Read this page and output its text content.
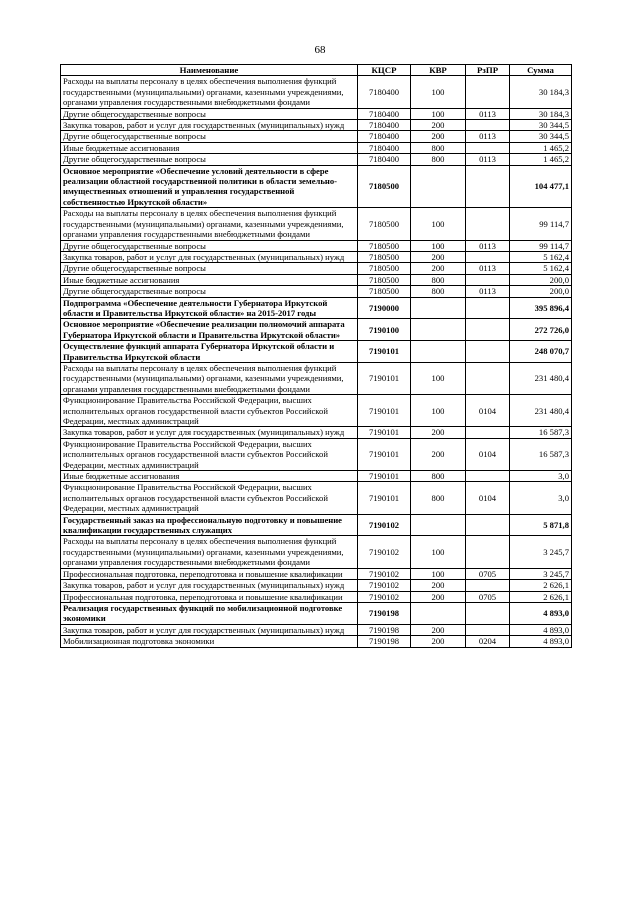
68
Наименование	КЦСР	КВР	РзПР	Сумма
Расходы на выплаты персоналу в целях обеспечения выполнения функций государственными (муниципальными) органами, казенными учреждениями, органами управления государственными внебюджетными фондами	7180400	100		30 184,3
Другие общегосударственные вопросы	7180400	100	0113	30 184,3
Закупка товаров, работ и услуг для государственных (муниципальных) нужд	7180400	200		30 344,5
Другие общегосударственные вопросы	7180400	200	0113	30 344,5
Иные бюджетные ассигнования	7180400	800		1 465,2
Другие общегосударственные вопросы	7180400	800	0113	1 465,2
Основное мероприятие «Обеспечение условий деятельности в сфере реализации областной государственной политики в области земельно-имущественных отношений и управления государственной собственностью Иркутской области»	7180500			104 477,1
Расходы на выплаты персоналу в целях обеспечения выполнения функций государственными (муниципальными) органами, казенными учреждениями, органами управления государственными внебюджетными фондами	7180500	100		99 114,7
Другие общегосударственные вопросы	7180500	100	0113	99 114,7
Закупка товаров, работ и услуг для государственных (муниципальных) нужд	7180500	200		5 162,4
Другие общегосударственные вопросы	7180500	200	0113	5 162,4
Иные бюджетные ассигнования	7180500	800		200,0
Другие общегосударственные вопросы	7180500	800	0113	200,0
Подпрограмма «Обеспечение деятельности Губернатора Иркутской области и Правительства Иркутской области» на 2015-2017 годы	7190000			395 896,4
Основное мероприятие «Обеспечение реализации полномочий аппарата Губернатора Иркутской области и Правительства Иркутской области»	7190100			272 726,0
Осуществление функций аппарата Губернатора Иркутской области и Правительства Иркутской области	7190101			248 070,7
Расходы на выплаты персоналу в целях обеспечения выполнения функций государственными (муниципальными) органами, казенными учреждениями, органами управления государственными внебюджетными фондами	7190101	100		231 480,4
Функционирование Правительства Российской Федерации, высших исполнительных органов государственной власти субъектов Российской Федерации, местных администраций	7190101	100	0104	231 480,4
Закупка товаров, работ и услуг для государственных (муниципальных) нужд	7190101	200		16 587,3
Функционирование Правительства Российской Федерации, высших исполнительных органов государственной власти субъектов Российской Федерации, местных администраций	7190101	200	0104	16 587,3
Иные бюджетные ассигнования	7190101	800		3,0
Функционирование Правительства Российской Федерации, высших исполнительных органов государственной власти субъектов Российской Федерации, местных администраций	7190101	800	0104	3,0
Государственный заказ на профессиональную подготовку и повышение квалификации государственных служащих	7190102			5 871,8
Расходы на выплаты персоналу в целях обеспечения выполнения функций государственными (муниципальными) органами, казенными учреждениями, органами управления государственными внебюджетными фондами	7190102	100		3 245,7
Профессиональная подготовка, переподготовка и повышение квалификации	7190102	100	0705	3 245,7
Закупка товаров, работ и услуг для государственных (муниципальных) нужд	7190102	200		2 626,1
Профессиональная подготовка, переподготовка и повышение квалификации	7190102	200	0705	2 626,1
Реализация государственных функций по мобилизационной подготовке экономики	7190198			4 893,0
Закупка товаров, работ и услуг для государственных (муниципальных) нужд	7190198	200		4 893,0
Мобилизационная подготовка экономики	7190198	200	0204	4 893,0
